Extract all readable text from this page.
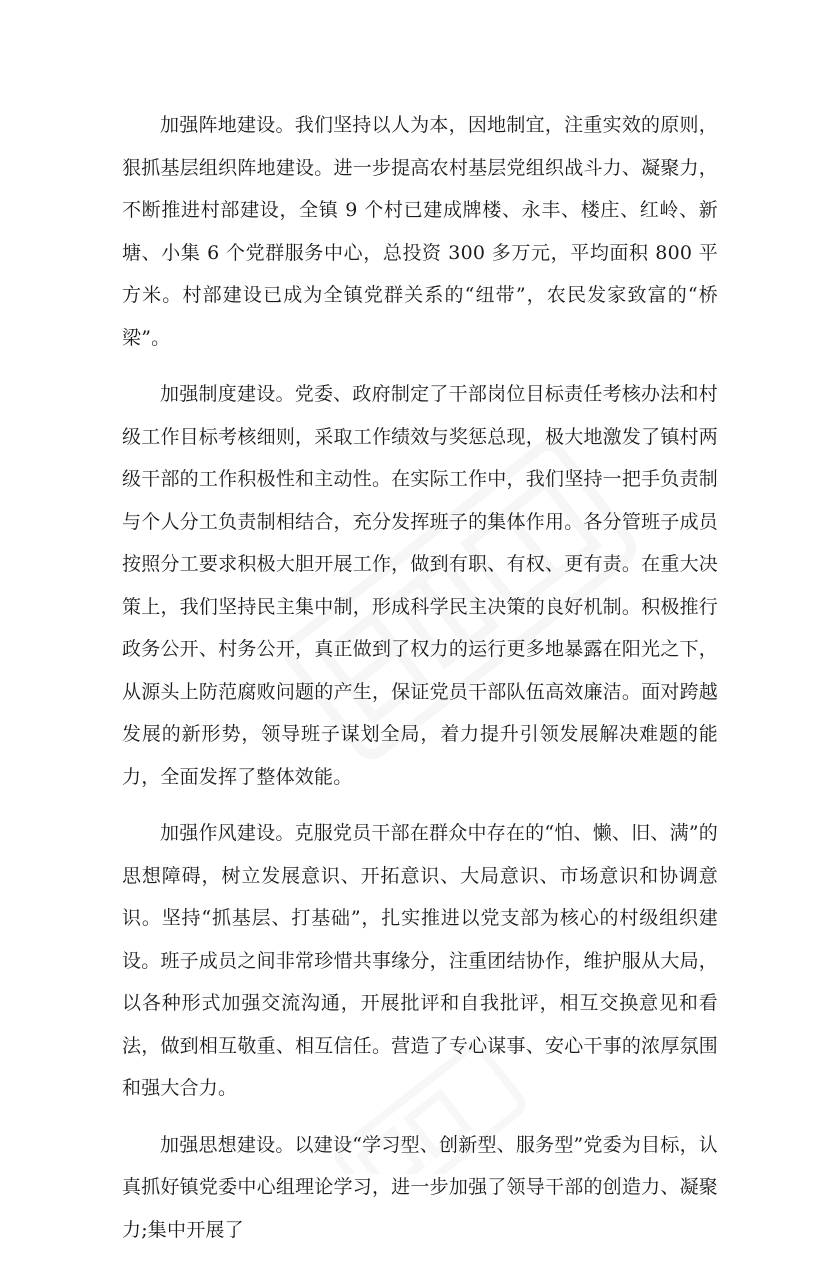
加强阵地建设。我们坚持以人为本，因地制宜，注重实效的原则，狠抓基层组织阵地建设。进一步提高农村基层党组织战斗力、凝聚力，不断推进村部建设，全镇 9 个村已建成牌楼、永丰、楼庄、红岭、新塘、小集 6 个党群服务中心，总投资 300 多万元，平均面积 800 平方米。村部建设已成为全镇党群关系的“纽带”，农民发家致富的“桥梁”。

加强制度建设。党委、政府制定了干部岗位目标责任考核办法和村级工作目标考核细则，采取工作绩效与奖惩总现，极大地激发了镇村两级干部的工作积极性和主动性。在实际工作中，我们坚持一把手负责制与个人分工负责制相结合，充分发挥班子的集体作用。各分管班子成员按照分工要求积极大胆开展工作，做到有职、有权、更有责。在重大决策上，我们坚持民主集中制，形成科学民主决策的良好机制。积极推行政务公开、村务公开，真正做到了权力的运行更多地暴露在阳光之下，从源头上防范腐败问题的产生，保证党员干部队伍高效廉洁。面对跨越发展的新形势，领导班子谋划全局，着力提升引领发展解决难题的能力，全面发挥了整体效能。

加强作风建设。克服党员干部在群众中存在的“怕、懒、旧、满”的思想障碍，树立发展意识、开拓意识、大局意识、市场意识和协调意识。坚持“抓基层、打基础”，扎实推进以党支部为核心的村级组织建设。班子成员之间非常珍惜共事缘分，注重团结协作，维护服从大局，以各种形式加强交流沟通，开展批评和自我批评，相互交换意见和看法，做到相互敬重、相互信任。营造了专心谋事、安心干事的浓厚氛围和强大合力。

加强思想建设。以建设“学习型、创新型、服务型”党委为目标，认真抓好镇党委中心组理论学习，进一步加强了领导干部的创造力、凝聚力;集中开展了
